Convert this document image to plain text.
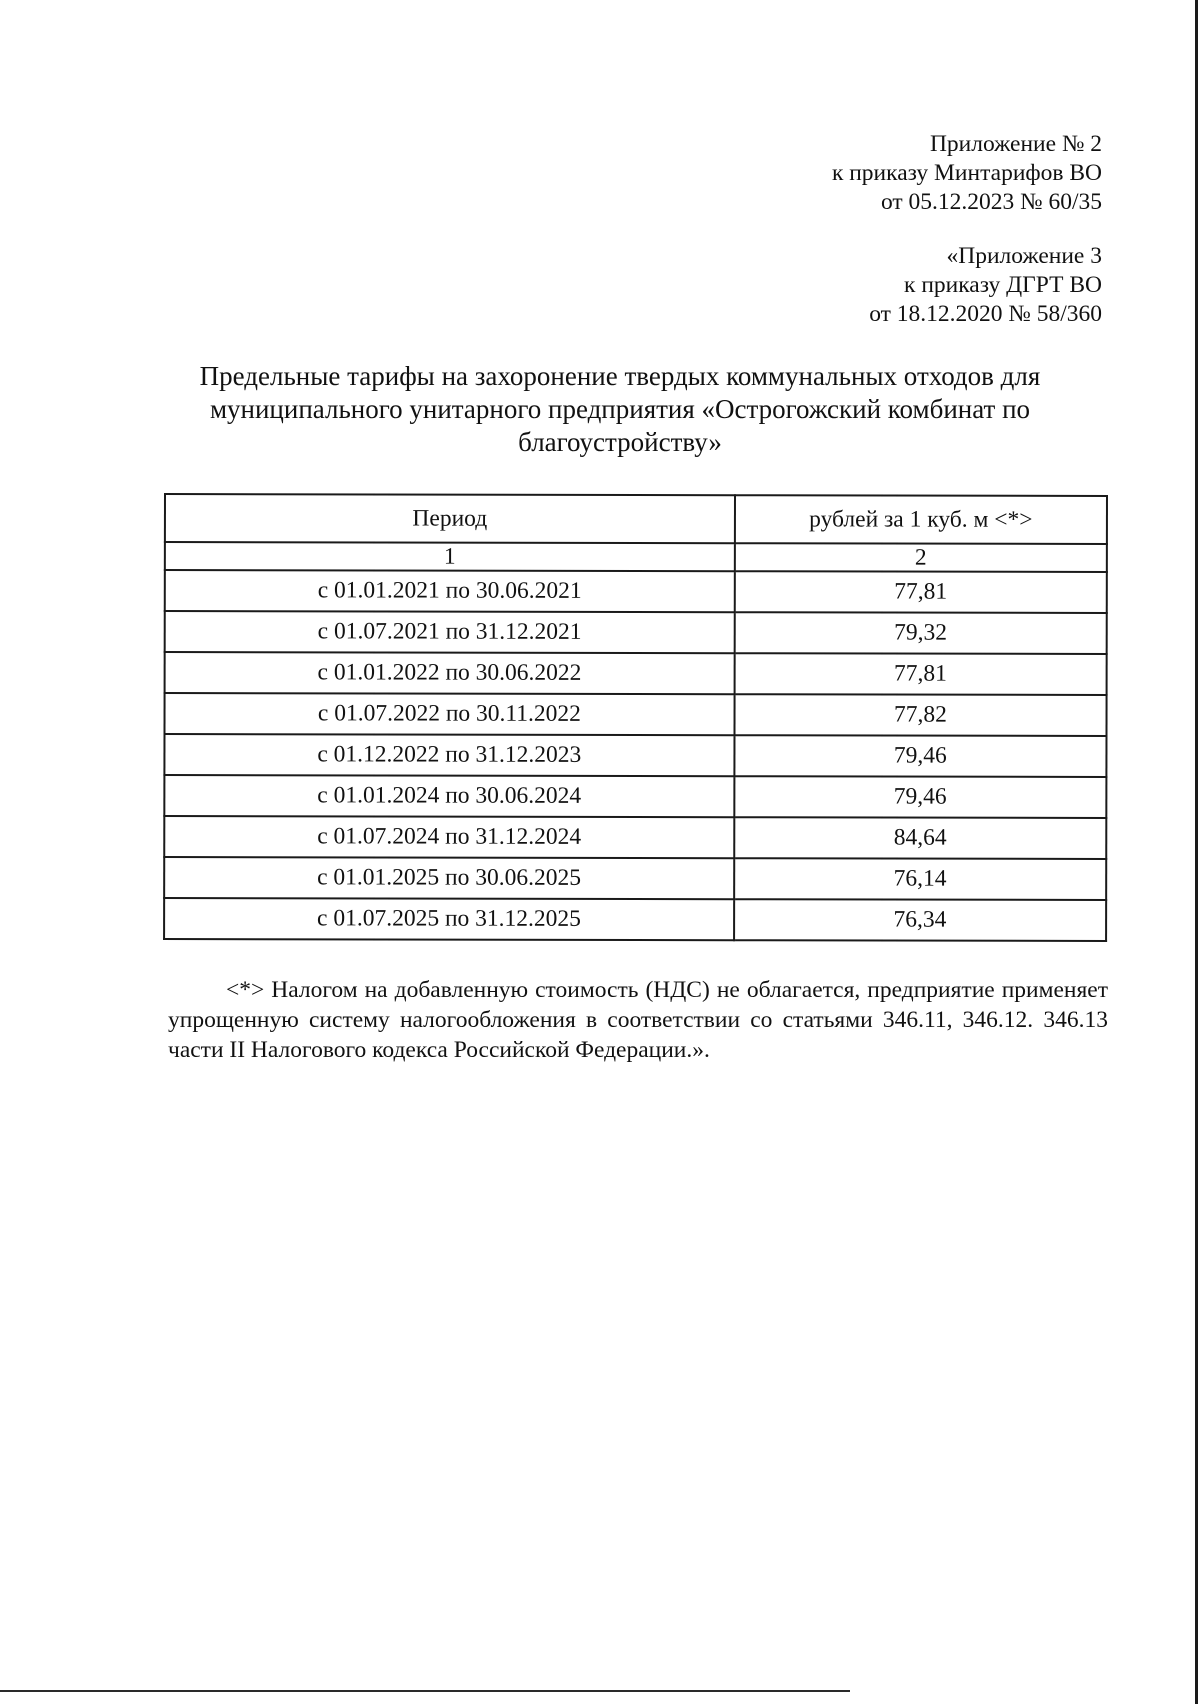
Приложение № 2
к приказу Минтарифов ВО
от 05.12.2023 № 60/35
«Приложение 3
к приказу ДГРТ ВО
от 18.12.2020 № 58/360
Предельные тарифы на захоронение твердых коммунальных отходов для муниципального унитарного предприятия «Острогожский комбинат по благоустройству»
Период	рублей за 1 куб. м <*>
1	2
с 01.01.2021 по 30.06.2021	77,81
с 01.07.2021 по 31.12.2021	79,32
с 01.01.2022 по 30.06.2022	77,81
с 01.07.2022 по 30.11.2022	77,82
с 01.12.2022 по 31.12.2023	79,46
с 01.01.2024 по 30.06.2024	79,46
с 01.07.2024 по 31.12.2024	84,64
с 01.01.2025 по 30.06.2025	76,14
с 01.07.2025 по 31.12.2025	76,34
<*> Налогом на добавленную стоимость (НДС) не облагается, предприятие применяет упрощенную систему налогообложения в соответствии со статьями 346.11, 346.12. 346.13 части II Налогового кодекса Российской Федерации.».
